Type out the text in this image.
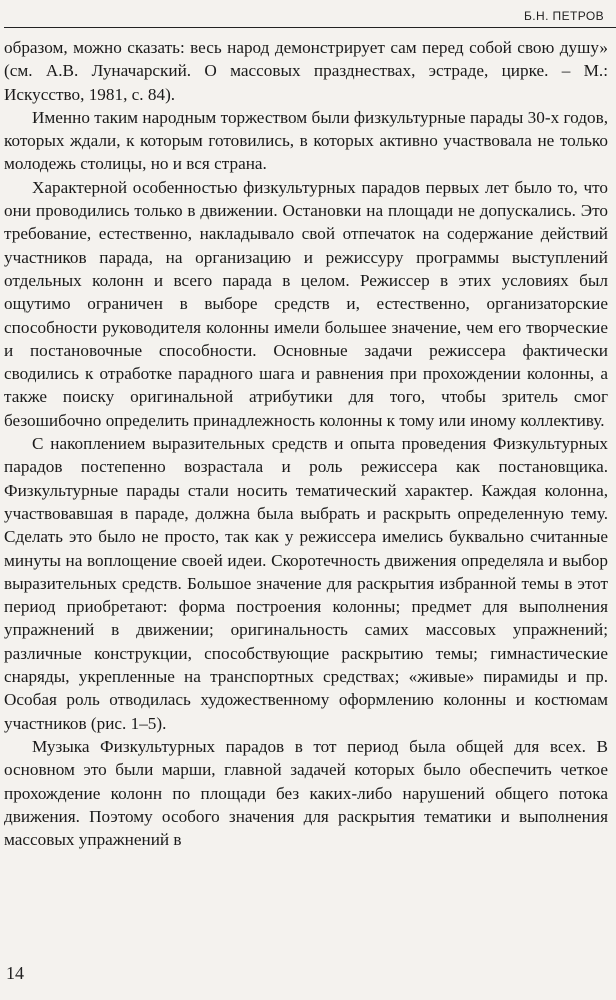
Б.Н. ПЕТРОВ

образом, можно сказать: весь народ демонстрирует сам перед собой свою душу» (см. А.В. Луначарский. О массовых празднествах, эстраде, цирке. – М.: Искусство, 1981, с. 84).

Именно таким народным торжеством были физкультурные парады 30-х годов, которых ждали, к которым готовились, в которых активно участвовала не только молодежь столицы, но и вся страна.

Характерной особенностью физкультурных парадов первых лет было то, что они проводились только в движении. Остановки на площади не допускались. Это требование, естественно, накладывало свой отпечаток на содержание действий участников парада, на организацию и режиссуру программы выступлений отдельных колонн и всего парада в целом. Режиссер в этих условиях был ощутимо ограничен в выборе средств и, естественно, организаторские способности руководителя колонны имели большее значение, чем его творческие и постановочные способности. Основные задачи режиссера фактически сводились к отработке парадного шага и равнения при прохождении колонны, а также поиску оригинальной атрибутики для того, чтобы зритель смог безошибочно определить принадлежность колонны к тому или иному коллективу.

С накоплением выразительных средств и опыта проведения Физкультурных парадов постепенно возрастала и роль режиссера как постановщика. Физкультурные парады стали носить тематический характер. Каждая колонна, участвовавшая в параде, должна была выбрать и раскрыть определенную тему. Сделать это было не просто, так как у режиссера имелись буквально считанные минуты на воплощение своей идеи. Скоротечность движения определяла и выбор выразительных средств. Большое значение для раскрытия избранной темы в этот период приобретают: форма построения колонны; предмет для выполнения упражнений в движении; оригинальность самих массовых упражнений; различные конструкции, способствующие раскрытию темы; гимнастические снаряды, укрепленные на транспортных средствах; «живые» пирамиды и пр. Особая роль отводилась художественному оформлению колонны и костюмам участников (рис. 1–5).

Музыка Физкультурных парадов в тот период была общей для всех. В основном это были марши, главной задачей которых было обеспечить четкое прохождение колонн по площади без каких-либо нарушений общего потока движения. Поэтому особого значения для раскрытия тематики и выполнения массовых упражнений в

14
